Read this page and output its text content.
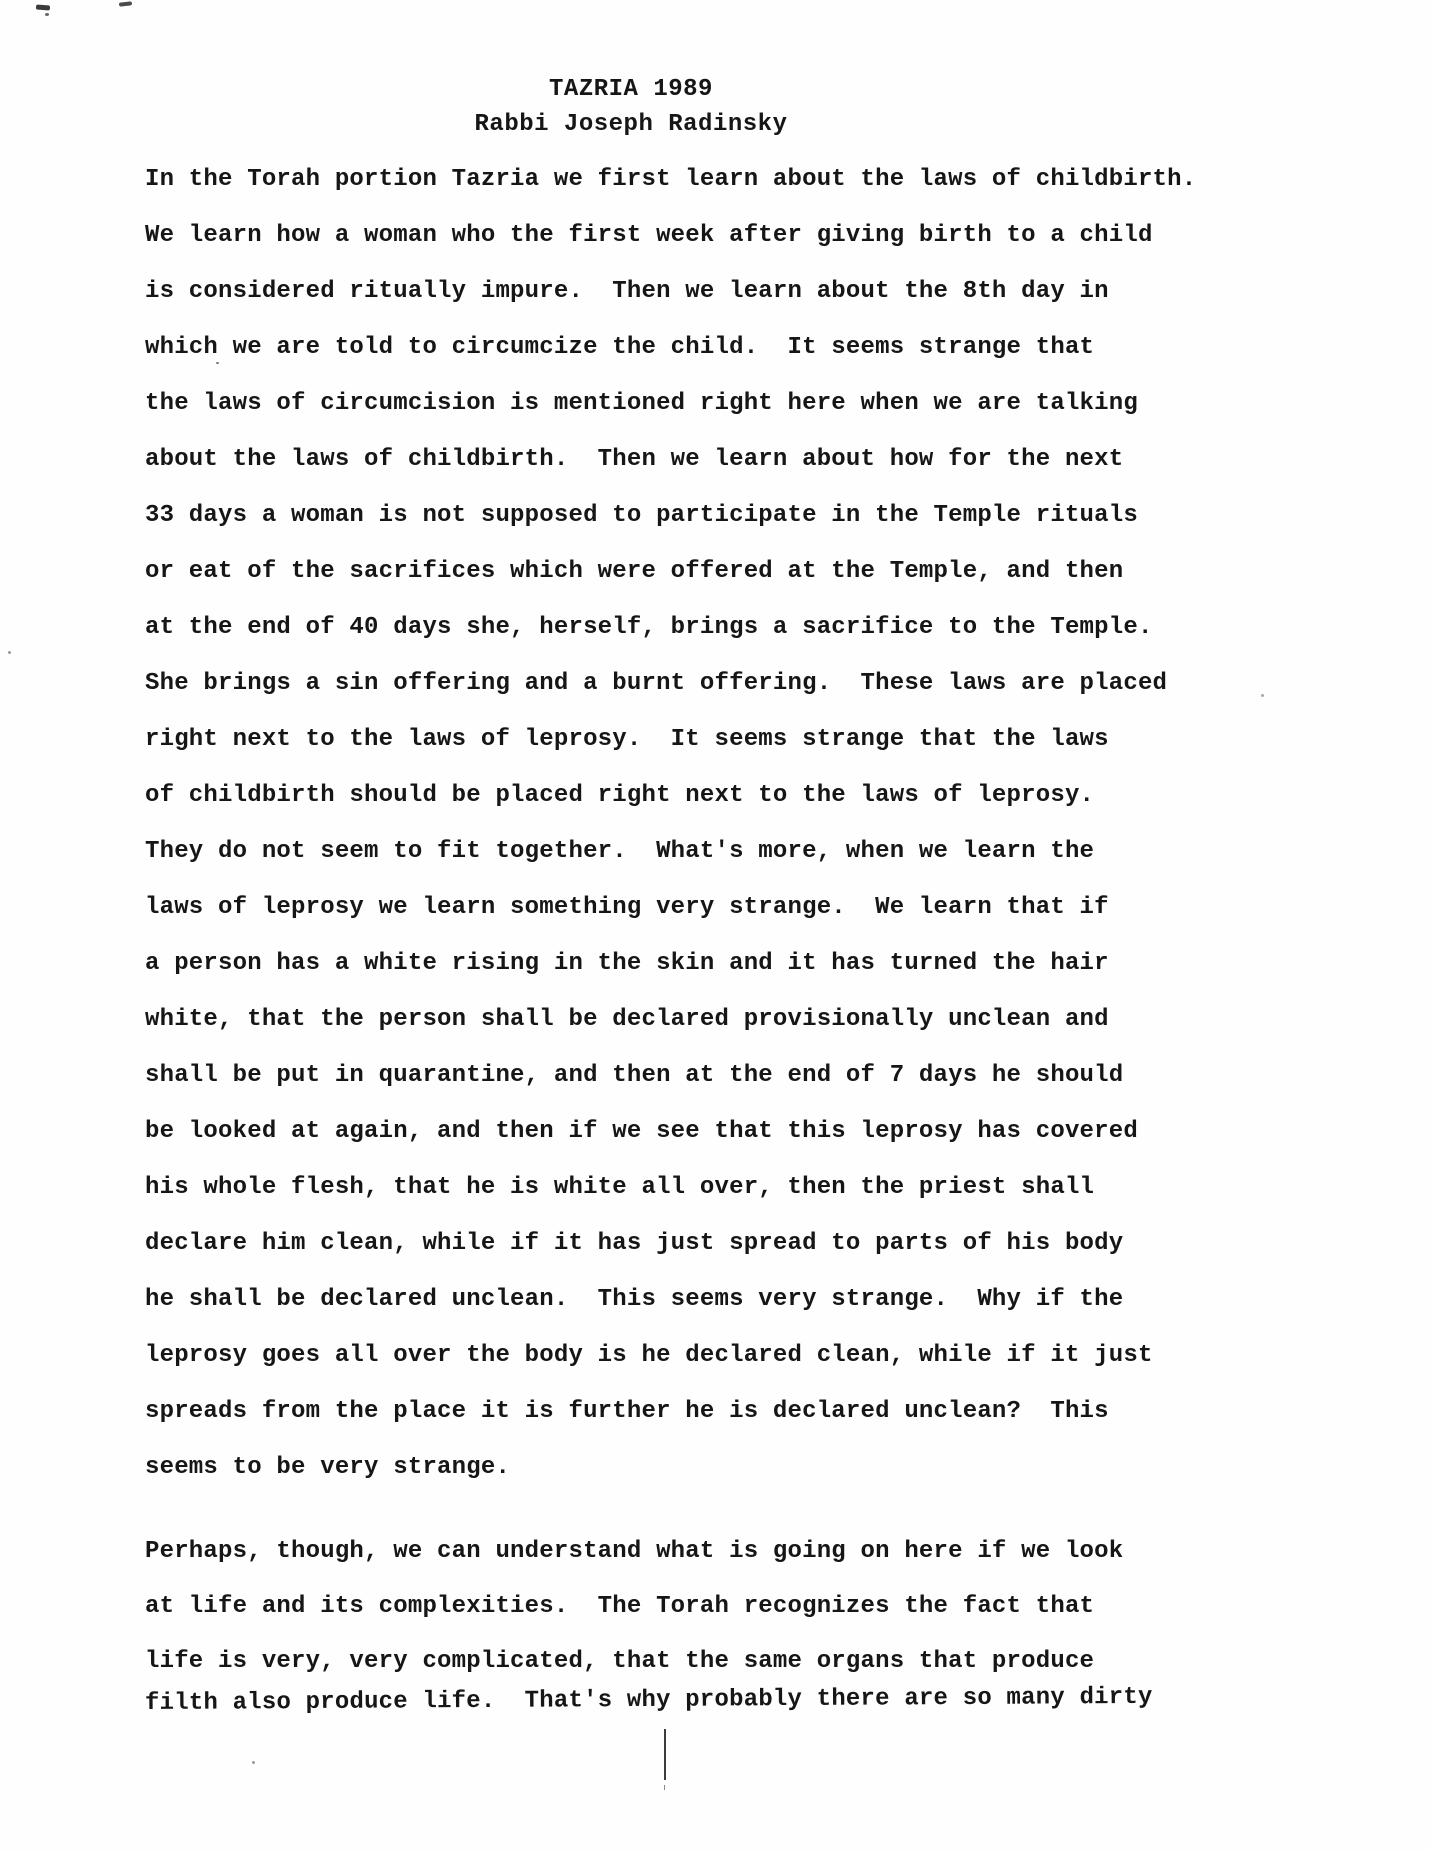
TAZRIA 1989
Rabbi Joseph Radinsky
In the Torah portion Tazria we first learn about the laws of childbirth.
We learn how a woman who the first week after giving birth to a child
is considered ritually impure.  Then we learn about the 8th day in
which we are told to circumcize the child.  It seems strange that
the laws of circumcision is mentioned right here when we are talking
about the laws of childbirth.  Then we learn about how for the next
33 days a woman is not supposed to participate in the Temple rituals
or eat of the sacrifices which were offered at the Temple, and then
at the end of 40 days she, herself, brings a sacrifice to the Temple.
She brings a sin offering and a burnt offering.  These laws are placed
right next to the laws of leprosy.  It seems strange that the laws
of childbirth should be placed right next to the laws of leprosy.
They do not seem to fit together.  What's more, when we learn the
laws of leprosy we learn something very strange.  We learn that if
a person has a white rising in the skin and it has turned the hair
white, that the person shall be declared provisionally unclean and
shall be put in quarantine, and then at the end of 7 days he should
be looked at again, and then if we see that this leprosy has covered
his whole flesh, that he is white all over, then the priest shall
declare him clean, while if it has just spread to parts of his body
he shall be declared unclean.  This seems very strange.  Why if the
leprosy goes all over the body is he declared clean, while if it just
spreads from the place it is further he is declared unclean?  This
seems to be very strange.
Perhaps, though, we can understand what is going on here if we look
at life and its complexities.  The Torah recognizes the fact that
life is very, very complicated, that the same organs that produce
filth also produce life.  That's why probably there are so many dirty
